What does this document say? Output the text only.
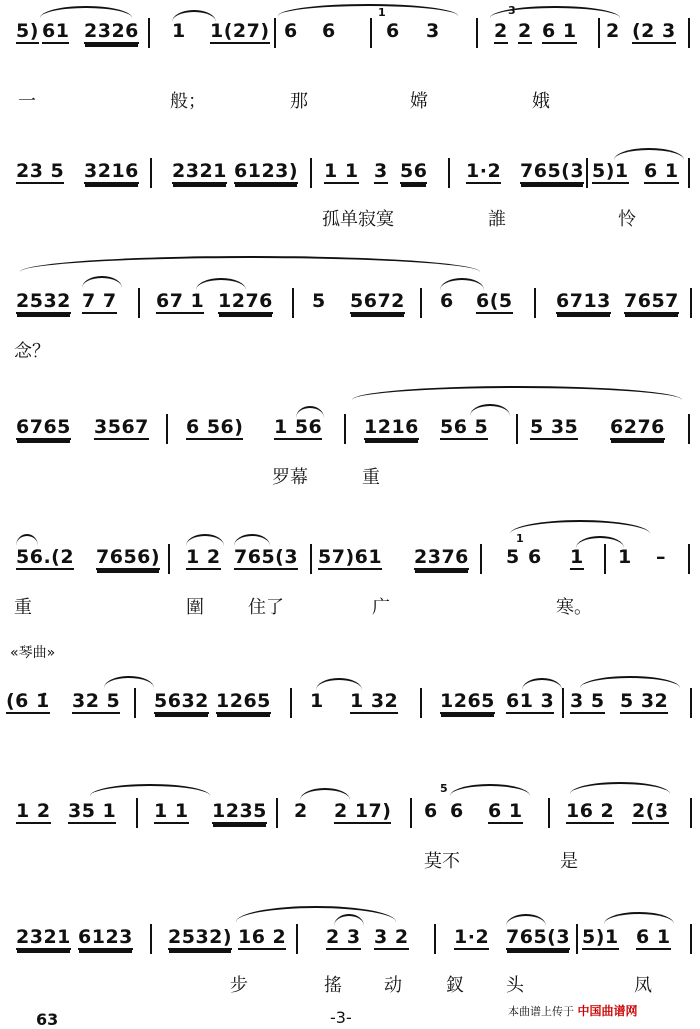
5) 61 2326 1 1(27) 6 6
1
6 3
3
2 2 6 1 2 (2 3
一	般；	那	嫦	娥
23 5 3216 2321 6123) 1 1 3 56 1·2 765(3 5)1 6 1
孤单寂寞	誰	怜
2532 7 7 67 1 1276 5 5672 6 6(5 6713 7657
念？
6765 3567 6 56) 1 56 1216 56 5 5 35 6276
罗幕	重
56.(2 7656) 1 2 765(3 57)61 2376
1
5 6 1 1 –
重	圍 住了	广	寒。
«琴曲»
(6 1̇ 32 5 5632 1265 1 1 32 1265 61 3 3 5 5 32
1 2 35 1 1 1 1235 2 2 17)
5
6 6 6 1 16 2 2(3
莫不	是
2321 6123 2532) 16 2 2 3 3 2 1·2 765(3 5)1 6 1
步	搖 动 釵 头	凤
63	-3-	本曲谱上传于 中国曲谱网
